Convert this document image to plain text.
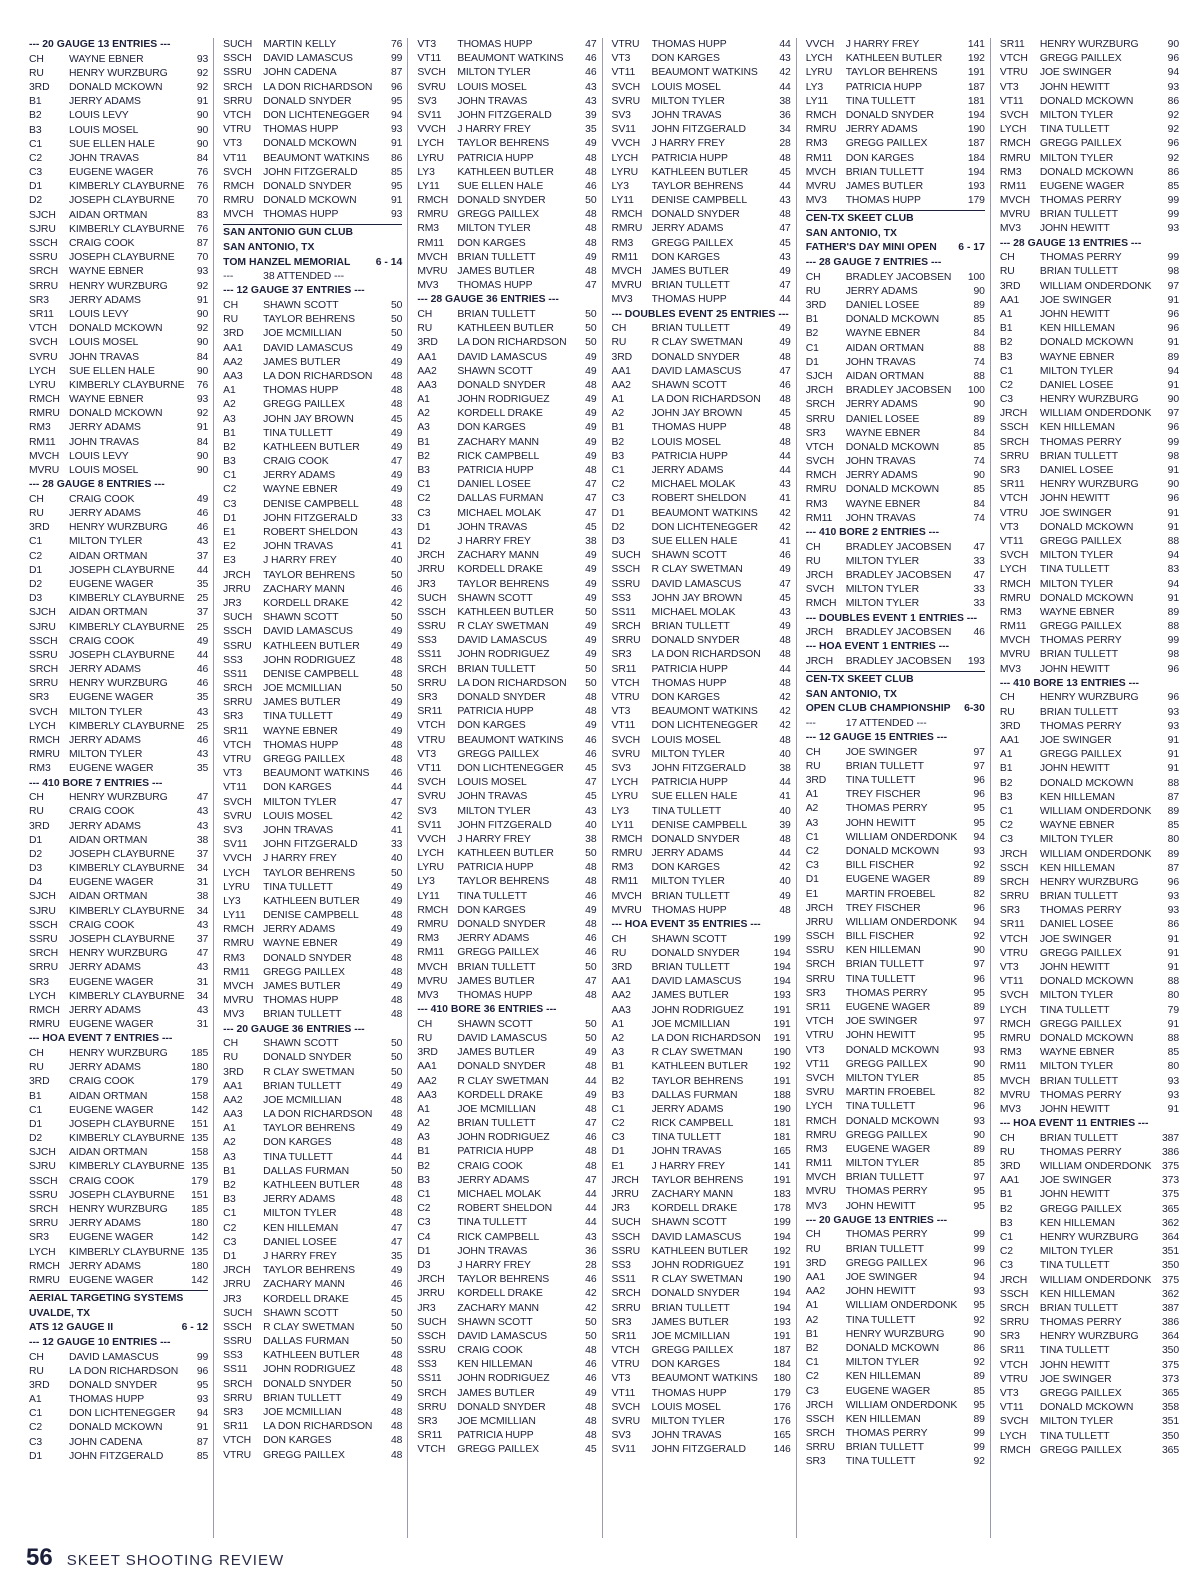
--- 20 GAUGE 13 ENTRIES ---
CH	WAYNE EBNER	93
RU	HENRY WURZBURG	92
3RD	DONALD MCKOWN	92
B1	JERRY ADAMS	91
B2	LOUIS LEVY	90
B3	LOUIS MOSEL	90
C1	SUE ELLEN HALE	90
C2	JOHN TRAVAS	84
C3	EUGENE WAGER	76
D1	KIMBERLY CLAYBURNE	76
D2	JOSEPH CLAYBURNE	70
SJCH	AIDAN ORTMAN	83
SJRU	KIMBERLY CLAYBURNE	76
SSCH	CRAIG COOK	87
SSRU	JOSEPH CLAYBURNE	70
SRCH	WAYNE EBNER	93
SRRU	HENRY WURZBURG	92
SR3	JERRY ADAMS	91
SR11	LOUIS LEVY	90
VTCH	DONALD MCKOWN	92
SVCH	LOUIS MOSEL	90
SVRU	JOHN TRAVAS	84
LYCH	SUE ELLEN HALE	90
LYRU	KIMBERLY CLAYBURNE	76
RMCH WAYNE EBNER	93
RMRU DONALD MCKOWN	92
RM3	JERRY ADAMS	91
RM11	JOHN TRAVAS	84
MVCH LOUIS LEVY	90
MVRU LOUIS MOSEL	90
--- 28 GAUGE 8 ENTRIES ---
CH	CRAIG COOK	49
RU	JERRY ADAMS	46
3RD	HENRY WURZBURG	46
C1	MILTON TYLER	43
C2	AIDAN ORTMAN	37
D1	JOSEPH CLAYBURNE	44
D2	EUGENE WAGER	35
D3	KIMBERLY CLAYBURNE	25
SJCH	AIDAN ORTMAN	37
SJRU	KIMBERLY CLAYBURNE	25
SSCH	CRAIG COOK	49
SSRU	JOSEPH CLAYBURNE	44
SRCH	JERRY ADAMS	46
SRRU	HENRY WURZBURG	46
SR3	EUGENE WAGER	35
SVCH	MILTON TYLER	43
LYCH	KIMBERLY CLAYBURNE	25
RMCH JERRY ADAMS	46
RMRU MILTON TYLER	43
RM3	EUGENE WAGER	35
--- 410 BORE 7 ENTRIES ---
CH	HENRY WURZBURG	47
RU	CRAIG COOK	43
3RD	JERRY ADAMS	43
D1	AIDAN ORTMAN	38
D2	JOSEPH CLAYBURNE	37
D3	KIMBERLY CLAYBURNE	34
D4	EUGENE WAGER	31
SJCH	AIDAN ORTMAN	38
SJRU	KIMBERLY CLAYBURNE	34
SSCH	CRAIG COOK	43
SSRU	JOSEPH CLAYBURNE	37
SRCH	HENRY WURZBURG	47
SRRU	JERRY ADAMS	43
SR3	EUGENE WAGER	31
LYCH	KIMBERLY CLAYBURNE	34
RMCH JERRY ADAMS	43
RMRU EUGENE WAGER	31
--- HOA EVENT 7 ENTRIES ---
CH	HENRY WURZBURG	185
RU	JERRY ADAMS	180
3RD	CRAIG COOK	179
B1	AIDAN ORTMAN	158
C1	EUGENE WAGER	142
D1	JOSEPH CLAYBURNE	151
D2	KIMBERLY CLAYBURNE 135
SJCH	AIDAN ORTMAN	158
SJRU	KIMBERLY CLAYBURNE 135
SSCH	CRAIG COOK	179
SSRU	JOSEPH CLAYBURNE	151
SRCH	HENRY WURZBURG	185
SRRU	JERRY ADAMS	180
SR3	EUGENE WAGER	142
LYCH	KIMBERLY CLAYBURNE 135
RMCH JERRY ADAMS	180
RMRU EUGENE WAGER	142
AERIAL TARGETING SYSTEMS
UVALDE, TX
ATS 12 GAUGE II	6 - 12
--- 12 GAUGE 10 ENTRIES ---
CH	DAVID LAMASCUS	99
RU	LA DON RICHARDSON	96
3RD	DONALD SNYDER	95
A1	THOMAS HUPP	93
C1	DON LICHTENEGGER	94
C2	DONALD MCKOWN	91
C3	JOHN CADENA	87
D1	JOHN FITZGERALD	85
SUCH	MARTIN KELLY	76
SSCH	DAVID LAMASCUS	99
SSRU	JOHN CADENA	87
SRCH	LA DON RICHARDSON	96
SRRU	DONALD SNYDER	95
VTCH	DON LICHTENEGGER	94
VTRU	THOMAS HUPP	93
VT3	DONALD MCKOWN	91
VT11	BEAUMONT WATKINS	86
SVCH	JOHN FITZGERALD	85
RMCH DONALD SNYDER	95
RMRU DONALD MCKOWN	91
MVCH THOMAS HUPP	93
SAN ANTONIO GUN CLUB
SAN ANTONIO, TX
TOM HANZEL MEMORIAL 6 - 14
---	38 ATTENDED ---
--- 12 GAUGE 37 ENTRIES ---
CH	SHAWN SCOTT	50
RU	TAYLOR BEHRENS	50
3RD	JOE MCMILLIAN	50
AA1	DAVID LAMASCUS	49
AA2	JAMES BUTLER	49
AA3	LA DON RICHARDSON	48
A1	THOMAS HUPP	48
A2	GREGG PAILLEX	48
A3	JOHN JAY BROWN	45
B1	TINA TULLETT	49
B2	KATHLEEN BUTLER	49
B3	CRAIG COOK	47
C1	JERRY ADAMS	49
C2	WAYNE EBNER	49
C3	DENISE CAMPBELL	48
D1	JOHN FITZGERALD	33
E1	ROBERT SHELDON	43
E2	JOHN TRAVAS	41
E3	J HARRY FREY	40
JRCH	TAYLOR BEHRENS	50
JRRU	ZACHARY MANN	46
JR3	KORDELL DRAKE	42
SUCH	SHAWN SCOTT	50
SSCH	DAVID LAMASCUS	49
SSRU	KATHLEEN BUTLER	49
SS3	JOHN RODRIGUEZ	48
SS11	DENISE CAMPBELL	48
SRCH	JOE MCMILLIAN	50
SRRU	JAMES BUTLER	49
SR3	TINA TULLETT	49
SR11	WAYNE EBNER	49
VTCH	THOMAS HUPP	48
VTRU	GREGG PAILLEX	48
VT3	BEAUMONT WATKINS	46
VT11	DON KARGES	44
SVCH	MILTON TYLER	47
SVRU	LOUIS MOSEL	42
SV3	JOHN TRAVAS	41
SV11	JOHN FITZGERALD	33
VVCH	J HARRY FREY	40
LYCH	TAYLOR BEHRENS	50
LYRU	TINA TULLETT	49
LY3	KATHLEEN BUTLER	49
LY11	DENISE CAMPBELL	48
RMCH JERRY ADAMS	49
RMRU WAYNE EBNER	49
RM3	DONALD SNYDER	48
RM11	GREGG PAILLEX	48
MVCH JAMES BUTLER	49
MVRU THOMAS HUPP	48
MV3	BRIAN TULLETT	48
--- 20 GAUGE 36 ENTRIES ---
CH	SHAWN SCOTT	50
RU	DONALD SNYDER	50
3RD	R CLAY SWETMAN	50
AA1	BRIAN TULLETT	49
AA2	JOE MCMILLIAN	48
AA3	LA DON RICHARDSON	48
A1	TAYLOR BEHRENS	49
A2	DON KARGES	48
A3	TINA TULLETT	44
B1	DALLAS FURMAN	50
B2	KATHLEEN BUTLER	48
B3	JERRY ADAMS	48
C1	MILTON TYLER	48
C2	KEN HILLEMAN	47
C3	DANIEL LOSEE	47
D1	J HARRY FREY	35
JRCH	TAYLOR BEHRENS	49
JRRU	ZACHARY MANN	46
JR3	KORDELL DRAKE	45
SUCH	SHAWN SCOTT	50
SSCH	R CLAY SWETMAN	50
SSRU	DALLAS FURMAN	50
SS3	KATHLEEN BUTLER	48
SS11	JOHN RODRIGUEZ	48
SRCH	DONALD SNYDER	50
SRRU	BRIAN TULLETT	49
SR3	JOE MCMILLIAN	48
SR11	LA DON RICHARDSON	48
VTCH	DON KARGES	48
VTRU	GREGG PAILLEX	48
VT3	THOMAS HUPP	47
VT11	BEAUMONT WATKINS	46
SVCH	MILTON TYLER	46
SVRU	LOUIS MOSEL	43
SV3	JOHN TRAVAS	43
SV11	JOHN FITZGERALD	39
VVCH	J HARRY FREY	35
LYCH	TAYLOR BEHRENS	49
LYRU	PATRICIA HUPP	48
LY3	KATHLEEN BUTLER	48
LY11	SUE ELLEN HALE	46
RMCH DONALD SNYDER	50
RMRU GREGG PAILLEX	48
RM3	MILTON TYLER	48
RM11	DON KARGES	48
MVCH BRIAN TULLETT	49
MVRU JAMES BUTLER	48
MV3	THOMAS HUPP	47
--- 28 GAUGE 36 ENTRIES ---
CH	BRIAN TULLETT	50
RU	KATHLEEN BUTLER	50
3RD	LA DON RICHARDSON	50
AA1	DAVID LAMASCUS	49
AA2	SHAWN SCOTT	49
AA3	DONALD SNYDER	48
A1	JOHN RODRIGUEZ	49
A2	KORDELL DRAKE	49
A3	DON KARGES	49
B1	ZACHARY MANN	49
B2	RICK CAMPBELL	49
B3	PATRICIA HUPP	48
C1	DANIEL LOSEE	47
C2	DALLAS FURMAN	47
C3	MICHAEL MOLAK	47
D1	JOHN TRAVAS	45
D2	J HARRY FREY	38
JRCH	ZACHARY MANN	49
JRRU	KORDELL DRAKE	49
JR3	TAYLOR BEHRENS	49
SUCH	SHAWN SCOTT	49
SSCH	KATHLEEN BUTLER	50
SSRU	R CLAY SWETMAN	49
SS3	DAVID LAMASCUS	49
SS11	JOHN RODRIGUEZ	49
SRCH	BRIAN TULLETT	50
SRRU	LA DON RICHARDSON	50
SR3	DONALD SNYDER	48
SR11	PATRICIA HUPP	48
VTCH	DON KARGES	49
VTRU	BEAUMONT WATKINS	46
VT3	GREGG PAILLEX	46
VT11	DON LICHTENEGGER	45
SVCH	LOUIS MOSEL	47
SVRU	JOHN TRAVAS	45
SV3	MILTON TYLER	43
SV11	JOHN FITZGERALD	40
VVCH	J HARRY FREY	38
LYCH	KATHLEEN BUTLER	50
LYRU	PATRICIA HUPP	48
LY3	TAYLOR BEHRENS	48
LY11	TINA TULLETT	46
RMCH DON KARGES	49
RMRU DONALD SNYDER	48
RM3	JERRY ADAMS	46
RM11	GREGG PAILLEX	46
MVCH BRIAN TULLETT	50
MVRU JAMES BUTLER	47
MV3	THOMAS HUPP	48
--- 410 BORE 36 ENTRIES ---
CH	SHAWN SCOTT	50
RU	DAVID LAMASCUS	50
3RD	JAMES BUTLER	49
AA1	DONALD SNYDER	48
AA2	R CLAY SWETMAN	44
AA3	KORDELL DRAKE	49
A1	JOE MCMILLIAN	48
A2	BRIAN TULLETT	47
A3	JOHN RODRIGUEZ	46
B1	PATRICIA HUPP	48
B2	CRAIG COOK	48
B3	JERRY ADAMS	47
C1	MICHAEL MOLAK	44
C2	ROBERT SHELDON	44
C3	TINA TULLETT	44
C4	RICK CAMPBELL	43
D1	JOHN TRAVAS	36
D3	J HARRY FREY	28
JRCH	TAYLOR BEHRENS	46
JRRU	KORDELL DRAKE	42
JR3	ZACHARY MANN	42
SUCH	SHAWN SCOTT	50
SSCH	DAVID LAMASCUS	50
SSRU	CRAIG COOK	48
SS3	KEN HILLEMAN	46
SS11	JOHN RODRIGUEZ	46
SRCH	JAMES BUTLER	49
SRRU	DONALD SNYDER	48
SR3	JOE MCMILLIAN	48
SR11	PATRICIA HUPP	48
VTCH	GREGG PAILLEX	45
VTRU	THOMAS HUPP	44
VT3	DON KARGES	43
VT11	BEAUMONT WATKINS	42
SVCH	LOUIS MOSEL	44
SVRU	MILTON TYLER	38
SV3	JOHN TRAVAS	36
SV11	JOHN FITZGERALD	34
VVCH	J HARRY FREY	28
LYCH	PATRICIA HUPP	48
LYRU	KATHLEEN BUTLER	45
LY3	TAYLOR BEHRENS	44
LY11	DENISE CAMPBELL	43
RMCH DONALD SNYDER	48
RMRU JERRY ADAMS	47
RM3	GREGG PAILLEX	45
RM11	DON KARGES	43
MVCH JAMES BUTLER	49
MVRU BRIAN TULLETT	47
MV3	THOMAS HUPP	44
--- DOUBLES EVENT 25 ENTRIES ---
CH	BRIAN TULLETT	49
RU	R CLAY SWETMAN	49
3RD	DONALD SNYDER	48
AA1	DAVID LAMASCUS	47
AA2	SHAWN SCOTT	46
A1	LA DON RICHARDSON	48
A2	JOHN JAY BROWN	45
B1	THOMAS HUPP	48
B2	LOUIS MOSEL	48
B3	PATRICIA HUPP	44
C1	JERRY ADAMS	44
C2	MICHAEL MOLAK	43
C3	ROBERT SHELDON	41
D1	BEAUMONT WATKINS	42
D2	DON LICHTENEGGER	42
D3	SUE ELLEN HALE	41
SUCH	SHAWN SCOTT	46
SSCH	R CLAY SWETMAN	49
SSRU	DAVID LAMASCUS	47
SS3	JOHN JAY BROWN	45
SS11	MICHAEL MOLAK	43
SRCH	BRIAN TULLETT	49
SRRU	DONALD SNYDER	48
SR3	LA DON RICHARDSON	48
SR11	PATRICIA HUPP	44
VTCH	THOMAS HUPP	48
VTRU	DON KARGES	42
VT3	BEAUMONT WATKINS	42
VT11	DON LICHTENEGGER	42
SVCH	LOUIS MOSEL	48
SVRU	MILTON TYLER	40
SV3	JOHN FITZGERALD	38
LYCH	PATRICIA HUPP	44
LYRU	SUE ELLEN HALE	41
LY3	TINA TULLETT	40
LY11	DENISE CAMPBELL	39
RMCH DONALD SNYDER	48
RMRU JERRY ADAMS	44
RM3	DON KARGES	42
RM11	MILTON TYLER	40
MVCH BRIAN TULLETT	49
MVRU THOMAS HUPP	48
--- HOA EVENT 35 ENTRIES ---
CH	SHAWN SCOTT	199
RU	DONALD SNYDER	194
3RD	BRIAN TULLETT	194
AA1	DAVID LAMASCUS	194
AA2	JAMES BUTLER	193
AA3	JOHN RODRIGUEZ	191
A1	JOE MCMILLIAN	191
A2	LA DON RICHARDSON	191
A3	R CLAY SWETMAN	190
B1	KATHLEEN BUTLER	192
B2	TAYLOR BEHRENS	191
B3	DALLAS FURMAN	188
C1	JERRY ADAMS	190
C2	RICK CAMPBELL	181
C3	TINA TULLETT	181
D1	JOHN TRAVAS	165
E1	J HARRY FREY	141
JRCH	TAYLOR BEHRENS	191
JRRU	ZACHARY MANN	183
JR3	KORDELL DRAKE	178
SUCH	SHAWN SCOTT	199
SSCH	DAVID LAMASCUS	194
SSRU	KATHLEEN BUTLER	192
SS3	JOHN RODRIGUEZ	191
SS11	R CLAY SWETMAN	190
SRCH	DONALD SNYDER	194
SRRU	BRIAN TULLETT	194
SR3	JAMES BUTLER	193
SR11	JOE MCMILLIAN	191
VTCH	GREGG PAILLEX	187
VTRU	DON KARGES	184
VT3	BEAUMONT WATKINS	180
VT11	THOMAS HUPP	179
SVCH	LOUIS MOSEL	176
SVRU	MILTON TYLER	176
SV3	JOHN TRAVAS	165
SV11	JOHN FITZGERALD	146
VVCH	J HARRY FREY	141
LYCH	KATHLEEN BUTLER	192
LYRU	TAYLOR BEHRENS	191
LY3	PATRICIA HUPP	187
LY11	TINA TULLETT	181
RMCH DONALD SNYDER	194
RMRU JERRY ADAMS	190
RM3	GREGG PAILLEX	187
RM11	DON KARGES	184
MVCH BRIAN TULLETT	194
MVRU JAMES BUTLER	193
MV3	THOMAS HUPP	179
CEN-TX SKEET CLUB
SAN ANTONIO, TX
FATHER'S DAY MINI OPEN 6 - 17
--- 28 GAUGE 7 ENTRIES ---
CH	BRADLEY JACOBSEN	100
RU	JERRY ADAMS	90
3RD	DANIEL LOSEE	89
B1	DONALD MCKOWN	85
B2	WAYNE EBNER	84
C1	AIDAN ORTMAN	88
D1	JOHN TRAVAS	74
SJCH	AIDAN ORTMAN	88
JRCH	BRADLEY JACOBSEN	100
SRCH	JERRY ADAMS	90
SRRU	DANIEL LOSEE	89
SR3	WAYNE EBNER	84
VTCH	DONALD MCKOWN	85
SVCH	JOHN TRAVAS	74
RMCH JERRY ADAMS	90
RMRU DONALD MCKOWN	85
RM3	WAYNE EBNER	84
RM11	JOHN TRAVAS	74
--- 410 BORE 2 ENTRIES ---
CH	BRADLEY JACOBSEN	47
RU	MILTON TYLER	33
JRCH	BRADLEY JACOBSEN	47
SVCH	MILTON TYLER	33
RMCH MILTON TYLER	33
--- DOUBLES EVENT 1 ENTRIES ---
JRCH	BRADLEY JACOBSEN	46
--- HOA EVENT 1 ENTRIES ---
JRCH	BRADLEY JACOBSEN	193
CEN-TX SKEET CLUB
SAN ANTONIO, TX
OPEN CLUB CHAMPIONSHIP 6-30
---	17 ATTENDED ---
--- 12 GAUGE 15 ENTRIES ---
CH	JOE SWINGER	97
RU	BRIAN TULLETT	97
3RD	TINA TULLETT	96
A1	TREY FISCHER	96
A2	THOMAS PERRY	95
A3	JOHN HEWITT	95
C1	WILLIAM ONDERDONK	94
C2	DONALD MCKOWN	93
C3	BILL FISCHER	92
D1	EUGENE WAGER	89
E1	MARTIN FROEBEL	82
JRCH	TREY FISCHER	96
JRRU	WILLIAM ONDERDONK	94
SSCH	BILL FISCHER	92
SSRU	KEN HILLEMAN	90
SRCH	BRIAN TULLETT	97
SRRU	TINA TULLETT	96
SR3	THOMAS PERRY	95
SR11	EUGENE WAGER	89
VTCH	JOE SWINGER	97
VTRU	JOHN HEWITT	95
VT3	DONALD MCKOWN	93
VT11	GREGG PAILLEX	90
SVCH	MILTON TYLER	85
SVRU	MARTIN FROEBEL	82
LYCH	TINA TULLETT	96
RMCH DONALD MCKOWN	93
RMRU GREGG PAILLEX	90
RM3	EUGENE WAGER	89
RM11	MILTON TYLER	85
MVCH BRIAN TULLETT	97
MVRU THOMAS PERRY	95
MV3	JOHN HEWITT	95
--- 20 GAUGE 13 ENTRIES ---
CH	THOMAS PERRY	99
RU	BRIAN TULLETT	99
3RD	GREGG PAILLEX	96
AA1	JOE SWINGER	94
AA2	JOHN HEWITT	93
A1	WILLIAM ONDERDONK	95
A2	TINA TULLETT	92
B1	HENRY WURZBURG	90
B2	DONALD MCKOWN	86
C1	MILTON TYLER	92
C2	KEN HILLEMAN	89
C3	EUGENE WAGER	85
JRCH	WILLIAM ONDERDONK	95
SSCH	KEN HILLEMAN	89
SRCH	THOMAS PERRY	99
SRRU	BRIAN TULLETT	99
SR3	TINA TULLETT	92
SR11	HENRY WURZBURG	90
VTCH	GREGG PAILLEX	96
VTRU	JOE SWINGER	94
VT3	JOHN HEWITT	93
VT11	DONALD MCKOWN	86
SVCH	MILTON TYLER	92
LYCH	TINA TULLETT	92
RMCH GREGG PAILLEX	96
RMRU MILTON TYLER	92
RM3	DONALD MCKOWN	86
RM11	EUGENE WAGER	85
MVCH THOMAS PERRY	99
MVRU BRIAN TULLETT	99
MV3	JOHN HEWITT	93
--- 28 GAUGE 13 ENTRIES ---
CH	THOMAS PERRY	99
RU	BRIAN TULLETT	98
3RD	WILLIAM ONDERDONK	97
AA1	JOE SWINGER	91
A1	JOHN HEWITT	96
B1	KEN HILLEMAN	96
B2	DONALD MCKOWN	91
B3	WAYNE EBNER	89
C1	MILTON TYLER	94
C2	DANIEL LOSEE	91
C3	HENRY WURZBURG	90
JRCH	WILLIAM ONDERDONK	97
SSCH	KEN HILLEMAN	96
SRCH	THOMAS PERRY	99
SRRU	BRIAN TULLETT	98
SR3	DANIEL LOSEE	91
SR11	HENRY WURZBURG	90
VTCH	JOHN HEWITT	96
VTRU	JOE SWINGER	91
VT3	DONALD MCKOWN	91
VT11	GREGG PAILLEX	88
SVCH	MILTON TYLER	94
LYCH	TINA TULLETT	83
RMCH MILTON TYLER	94
RMRU DONALD MCKOWN	91
RM3	WAYNE EBNER	89
RM11	GREGG PAILLEX	88
MVCH THOMAS PERRY	99
MVRU BRIAN TULLETT	98
MV3	JOHN HEWITT	96
--- 410 BORE 13 ENTRIES ---
CH	HENRY WURZBURG	96
RU	BRIAN TULLETT	93
3RD	THOMAS PERRY	93
AA1	JOE SWINGER	91
A1	GREGG PAILLEX	91
B1	JOHN HEWITT	91
B2	DONALD MCKOWN	88
B3	KEN HILLEMAN	87
C1	WILLIAM ONDERDONK	89
C2	WAYNE EBNER	85
C3	MILTON TYLER	80
JRCH	WILLIAM ONDERDONK	89
SSCH	KEN HILLEMAN	87
SRCH	HENRY WURZBURG	96
SRRU	BRIAN TULLETT	93
SR3	THOMAS PERRY	93
SR11	DANIEL LOSEE	86
VTCH	JOE SWINGER	91
VTRU	GREGG PAILLEX	91
VT3	JOHN HEWITT	91
VT11	DONALD MCKOWN	88
SVCH	MILTON TYLER	80
LYCH	TINA TULLETT	79
RMCH GREGG PAILLEX	91
RMRU DONALD MCKOWN	88
RM3	WAYNE EBNER	85
RM11	MILTON TYLER	80
MVCH BRIAN TULLETT	93
MVRU THOMAS PERRY	93
MV3	JOHN HEWITT	91
--- HOA EVENT 11 ENTRIES ---
CH	BRIAN TULLETT	387
RU	THOMAS PERRY	386
3RD	WILLIAM ONDERDONK	375
AA1	JOE SWINGER	373
B1	JOHN HEWITT	375
B2	GREGG PAILLEX	365
B3	KEN HILLEMAN	362
C1	HENRY WURZBURG	364
C2	MILTON TYLER	351
C3	TINA TULLETT	350
JRCH	WILLIAM ONDERDONK	375
SSCH	KEN HILLEMAN	362
SRCH	BRIAN TULLETT	387
SRRU	THOMAS PERRY	386
SR3	HENRY WURZBURG	364
SR11	TINA TULLETT	350
VTCH	JOHN HEWITT	375
VTRU	JOE SWINGER	373
VT3	GREGG PAILLEX	365
VT11	DONALD MCKOWN	358
SVCH	MILTON TYLER	351
LYCH	TINA TULLETT	350
RMCH GREGG PAILLEX	365
56 SKEET SHOOTING REVIEW
